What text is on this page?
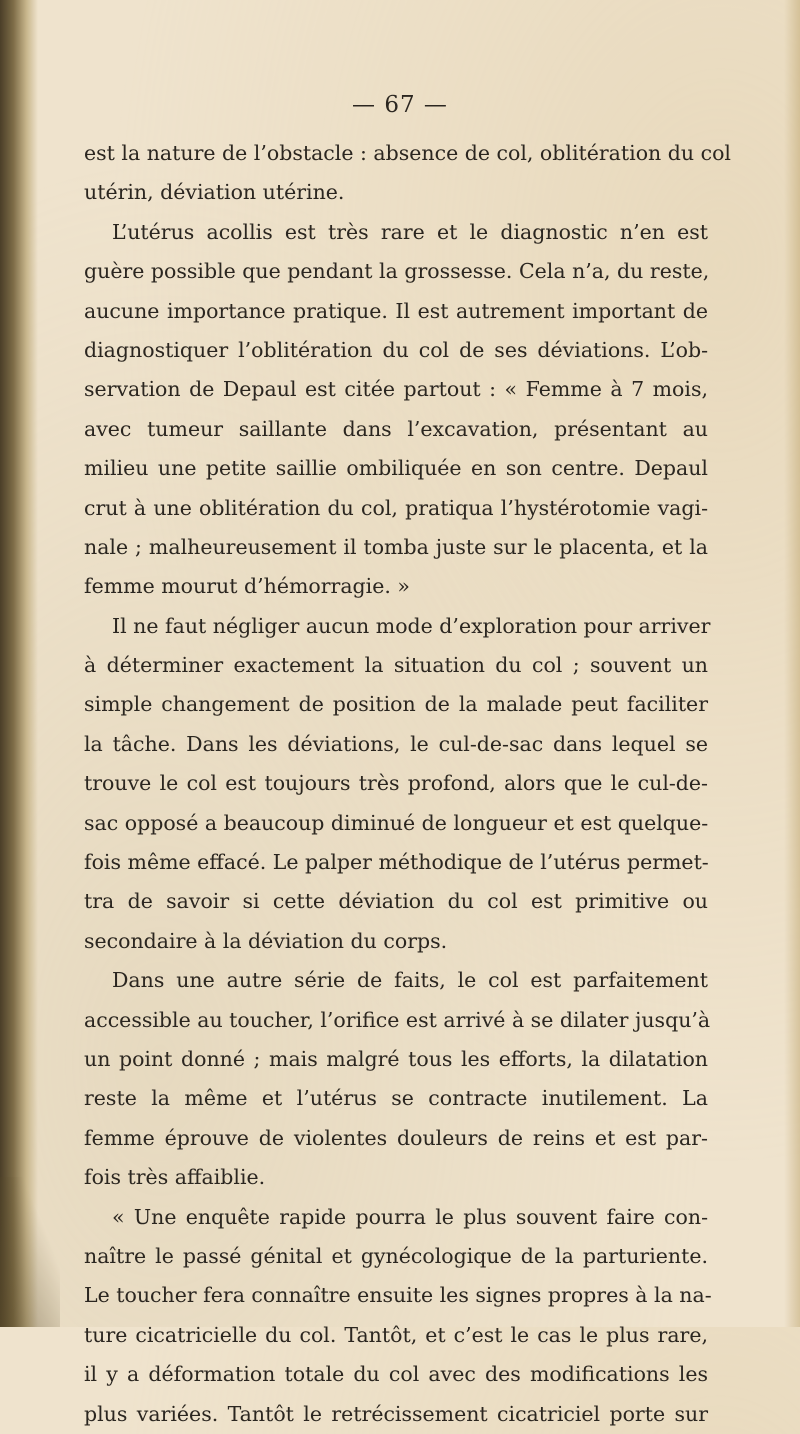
— 67 —
est la nature de l’obstacle : absence de col, oblitération du col
utérin, déviation utérine.
L’utérus acollis est très rare et le diagnostic n’en est
guère possible que pendant la grossesse. Cela n’a, du reste,
aucune importance pratique. Il est autrement important de
diagnostiquer l’oblitération du col de ses déviations. L’ob-
servation de Depaul est citée partout : « Femme à 7 mois,
avec tumeur saillante dans l’excavation, présentant au
milieu une petite saillie ombiliquée en son centre. Depaul
crut à une oblitération du col, pratiqua l’hystérotomie vagi-
nale ; malheureusement il tomba juste sur le placenta, et la
femme mourut d’hémorragie. »
Il ne faut négliger aucun mode d’exploration pour arriver
à déterminer exactement la situation du col ; souvent un
simple changement de position de la malade peut faciliter
la tâche. Dans les déviations, le cul-de-sac dans lequel se
trouve le col est toujours très profond, alors que le cul-de-
sac opposé a beaucoup diminué de longueur et est quelque-
fois même effacé. Le palper méthodique de l’utérus permet-
tra de savoir si cette déviation du col est primitive ou
secondaire à la déviation du corps.
Dans une autre série de faits, le col est parfaitement
accessible au toucher, l’orifice est arrivé à se dilater jusqu’à
un point donné ; mais malgré tous les efforts, la dilatation
reste la même et l’utérus se contracte inutilement. La
femme éprouve de violentes douleurs de reins et est par-
fois très affaiblie.
« Une enquête rapide pourra le plus souvent faire con-
naître le passé génital et gynécologique de la parturiente.
Le toucher fera connaître ensuite les signes propres à la na-
ture cicatricielle du col. Tantôt, et c’est le cas le plus rare,
il y a déformation totale du col avec des modifications les
plus variées. Tantôt le retrécissement cicatriciel porte sur
